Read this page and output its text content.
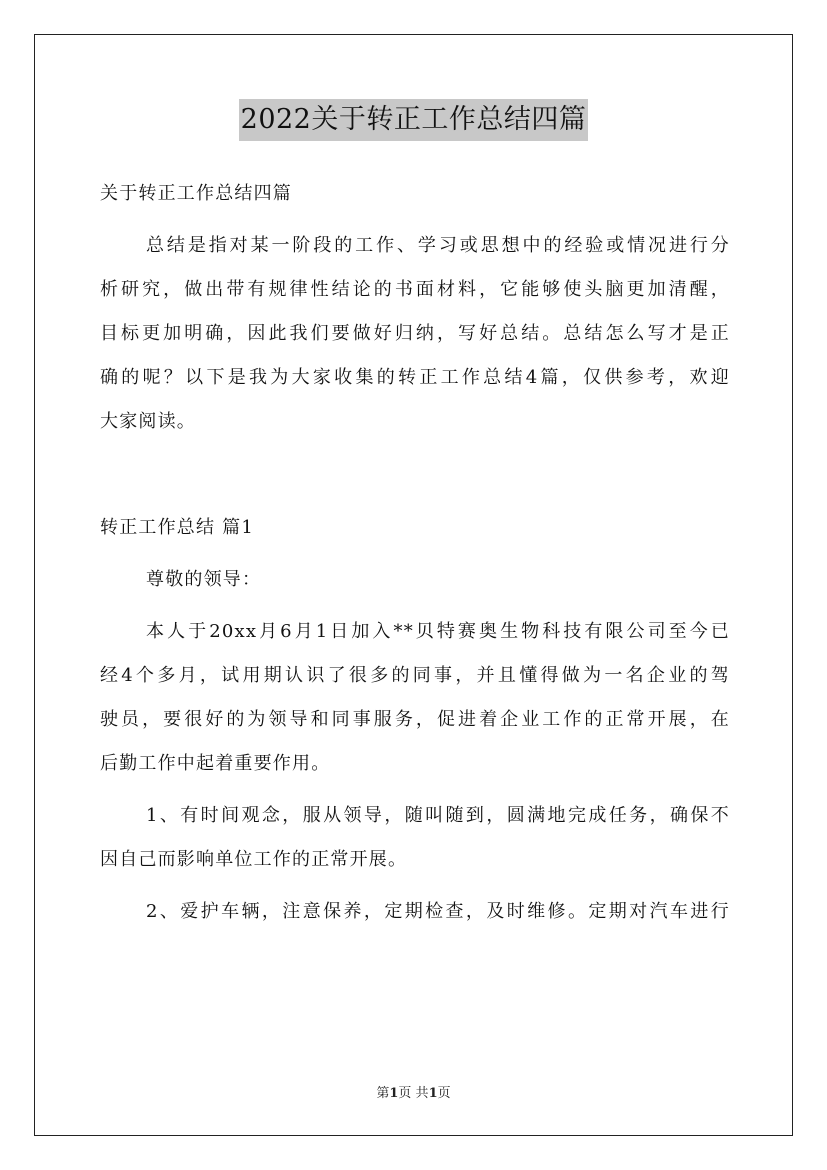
2022关于转正工作总结四篇
关于转正工作总结四篇
总结是指对某一阶段的工作、学习或思想中的经验或情况进行分
析研究，做出带有规律性结论的书面材料，它能够使头脑更加清醒，
目标更加明确，因此我们要做好归纳，写好总结。总结怎么写才是正
确的呢？以下是我为大家收集的转正工作总结4篇，仅供参考，欢迎
大家阅读。
转正工作总结 篇1
尊敬的领导：
本人于20xx月6月1日加入**贝特赛奥生物科技有限公司至今已
经4个多月，试用期认识了很多的同事，并且懂得做为一名企业的驾
驶员，要很好的为领导和同事服务，促进着企业工作的正常开展，在
后勤工作中起着重要作用。
1、有时间观念，服从领导，随叫随到，圆满地完成任务，确保不
因自己而影响单位工作的正常开展。
2、爱护车辆，注意保养，定期检查，及时维修。定期对汽车进行
第1页 共1页
